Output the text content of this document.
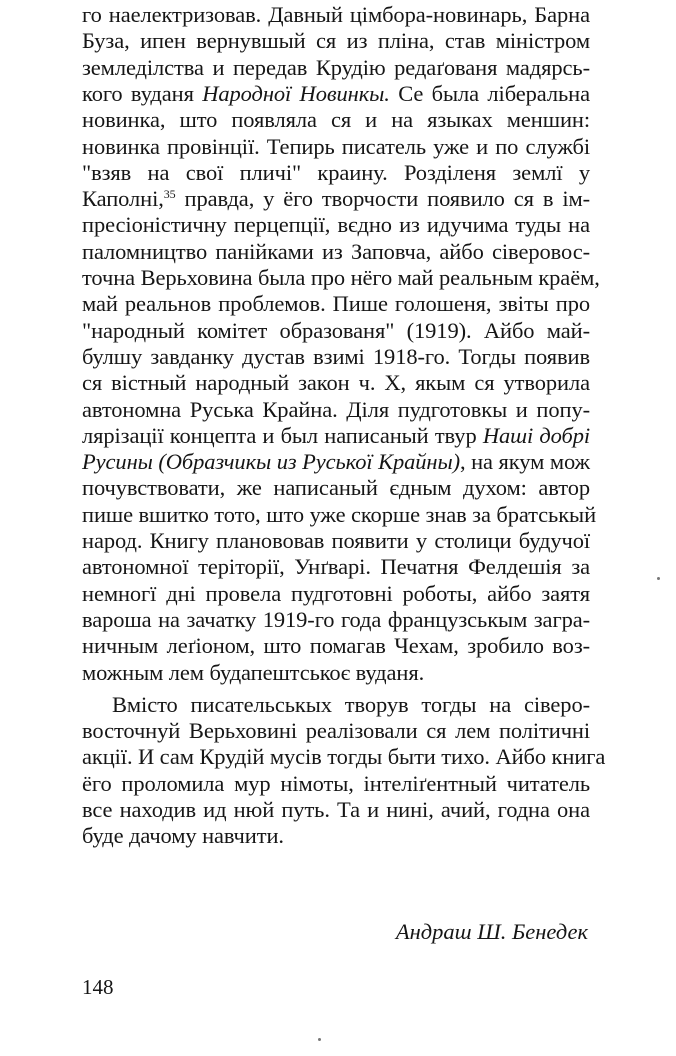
го наелектризовав. Давный цімбора-новинарь, Барна
Буза, ипен вернувшый ся из пліна, став міністром
земледілства и передав Крудію редаґованя мадярсь-
кого вуданя Народної Новинкы. Се была ліберальна
новинка, што появляла ся и на языках меншин:
новинка провінції. Тепирь писатель уже и по службі
"взяв на свої пличі" краину. Розділеня землї у
Каполні,$^{35}$ правда, у ёго творчости появило ся в ім-
пресіоністичну перцепції, вєдно из идучима туды на
паломництво панійками из Заповча, айбо сіверовос-
точна Верьховина была про нёго май реальным краём,
май реальнов проблемов. Пише голошеня, звіты про
"народный комітет образованя" (1919). Айбо май-
булшу завданку дустав взимі 1918-го. Тогды появив
ся вістный народный закон ч. X, якым ся утворила
автономна Руська Крайна. Діля пудготовкы и попу-
лярізації концепта и был написаный твур Наші добрі
Русины (Образчикы из Руської Крайны), на якум мож
почувствовати, же написаный єдным духом: автор
пише вшитко тото, што уже скорше знав за братськый
народ. Книгу планововав появити у столици будучої
автономної теріторії, Унґварі. Печатня Фелдешія за
немногї дні провела пудготовні роботы, айбо заятя
вароша на зачатку 1919-го года французськым загра-
ничным леґіоном, што помагав Чехам, зробило воз-
можным лем будапештськоє вуданя.
Вмісто писательськых творув тогды на сіверо-
восточнуй Верьховині реалізовали ся лем політичні
акції. И сам Крудій мусів тогды быти тихо. Айбо книга
ёго проломила мур німоты, інтеліґентный читатель
все находив ид нюй путь. Та и нині, ачий, годна она
буде дачому навчити.
Андраш Ш. Бенедек
148
